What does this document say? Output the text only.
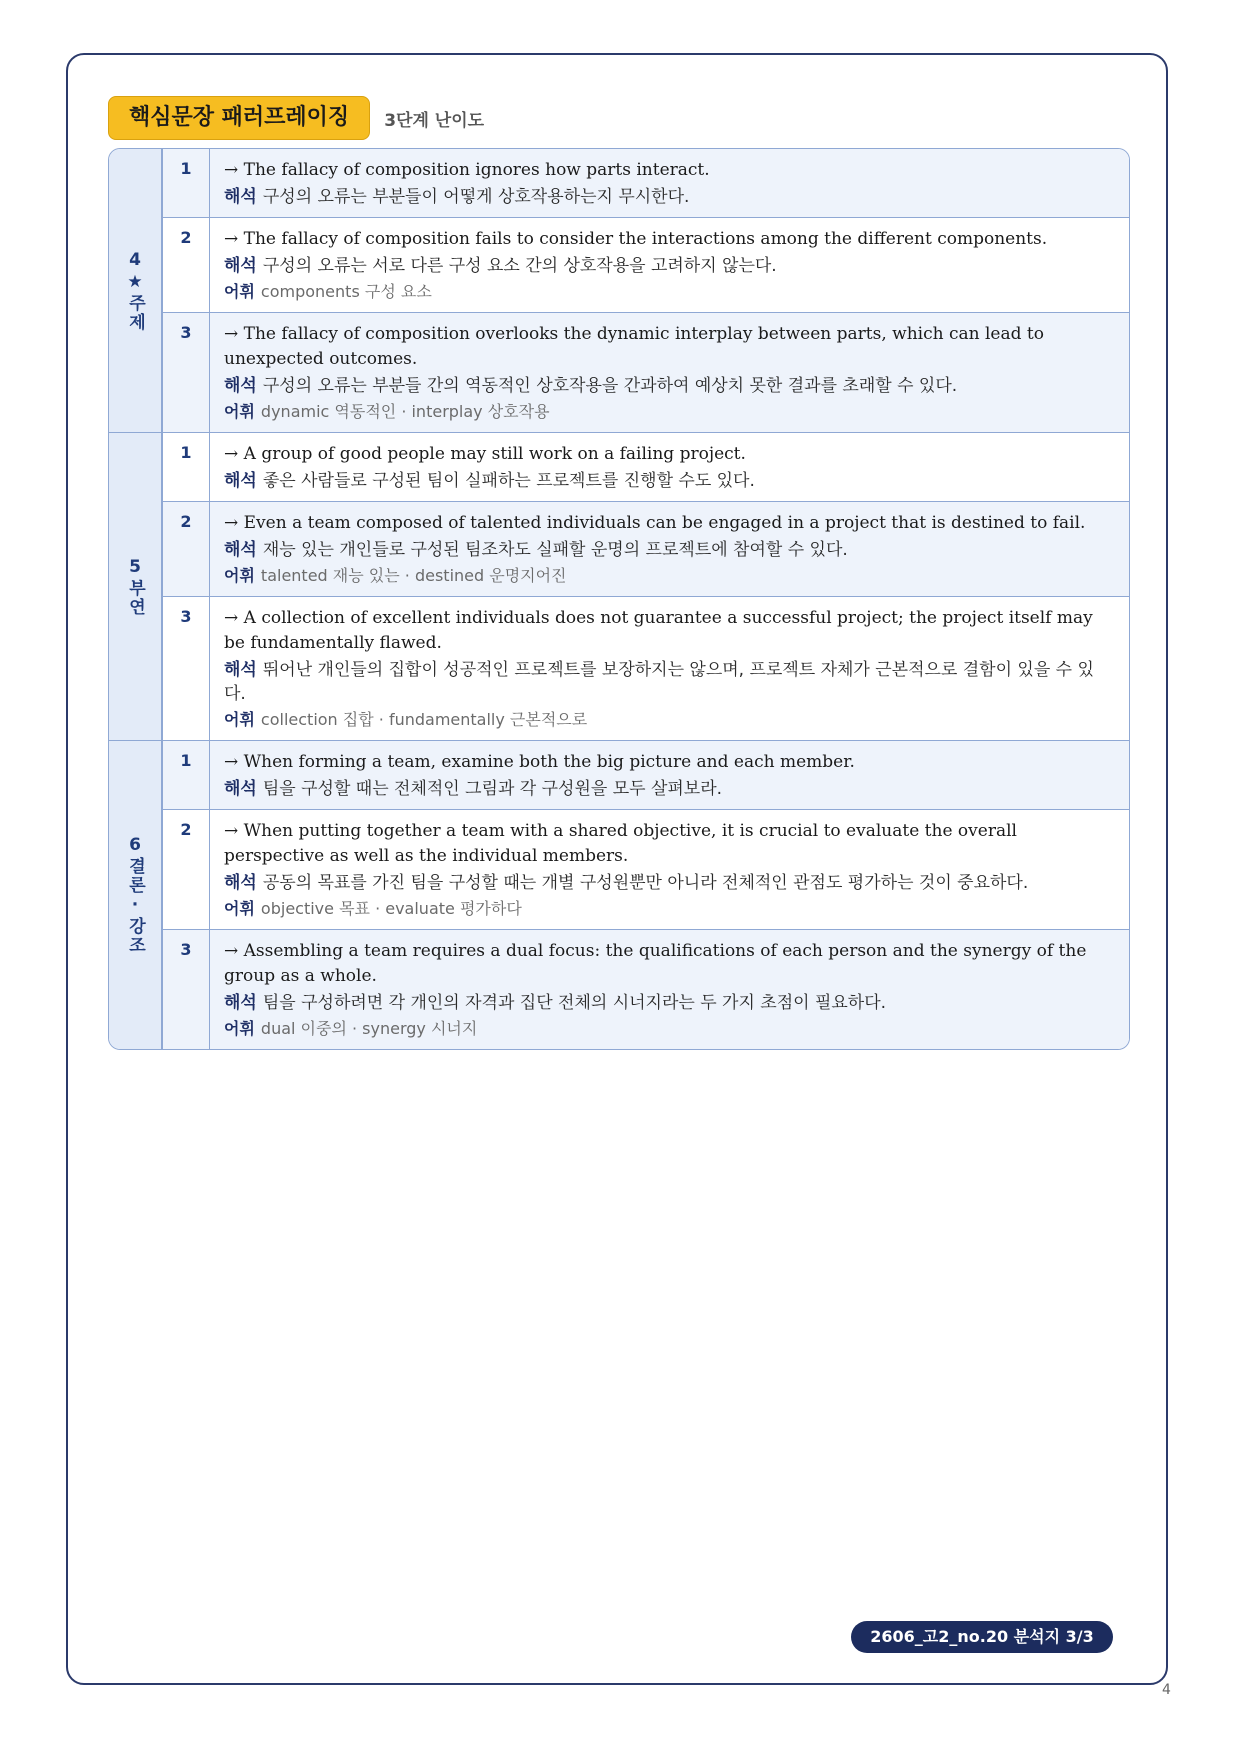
핵심문장 패러프레이징	3단계 난이도
4★주제
1	→ The fallacy of composition ignores how parts interact.
해석 구성의 오류는 부분들이 어떻게 상호작용하는지 무시한다.
2	→ The fallacy of composition fails to consider the interactions among the different components.
해석 구성의 오류는 서로 다른 구성 요소 간의 상호작용을 고려하지 않는다.
어휘 components 구성 요소
3	→ The fallacy of composition overlooks the dynamic interplay between parts, which can lead to unexpected outcomes.
해석 구성의 오류는 부분들 간의 역동적인 상호작용을 간과하여 예상치 못한 결과를 초래할 수 있다.
어휘 dynamic 역동적인 · interplay 상호작용
5부연
1	→ A group of good people may still work on a failing project.
해석 좋은 사람들로 구성된 팀이 실패하는 프로젝트를 진행할 수도 있다.
2	→ Even a team composed of talented individuals can be engaged in a project that is destined to fail.
해석 재능 있는 개인들로 구성된 팀조차도 실패할 운명의 프로젝트에 참여할 수 있다.
어휘 talented 재능 있는 · destined 운명지어진
3	→ A collection of excellent individuals does not guarantee a successful project; the project itself may be fundamentally flawed.
해석 뛰어난 개인들의 집합이 성공적인 프로젝트를 보장하지는 않으며, 프로젝트 자체가 근본적으로 결함이 있을 수 있다.
어휘 collection 집합 · fundamentally 근본적으로
6결론·강조
1	→ When forming a team, examine both the big picture and each member.
해석 팀을 구성할 때는 전체적인 그림과 각 구성원을 모두 살펴보라.
2	→ When putting together a team with a shared objective, it is crucial to evaluate the overall perspective as well as the individual members.
해석 공동의 목표를 가진 팀을 구성할 때는 개별 구성원뿐만 아니라 전체적인 관점도 평가하는 것이 중요하다.
어휘 objective 목표 · evaluate 평가하다
3	→ Assembling a team requires a dual focus: the qualifications of each person and the synergy of the group as a whole.
해석 팀을 구성하려면 각 개인의 자격과 집단 전체의 시너지라는 두 가지 초점이 필요하다.
어휘 dual 이중의 · synergy 시너지
2606_고2_no.20 분석지 3/3
4
